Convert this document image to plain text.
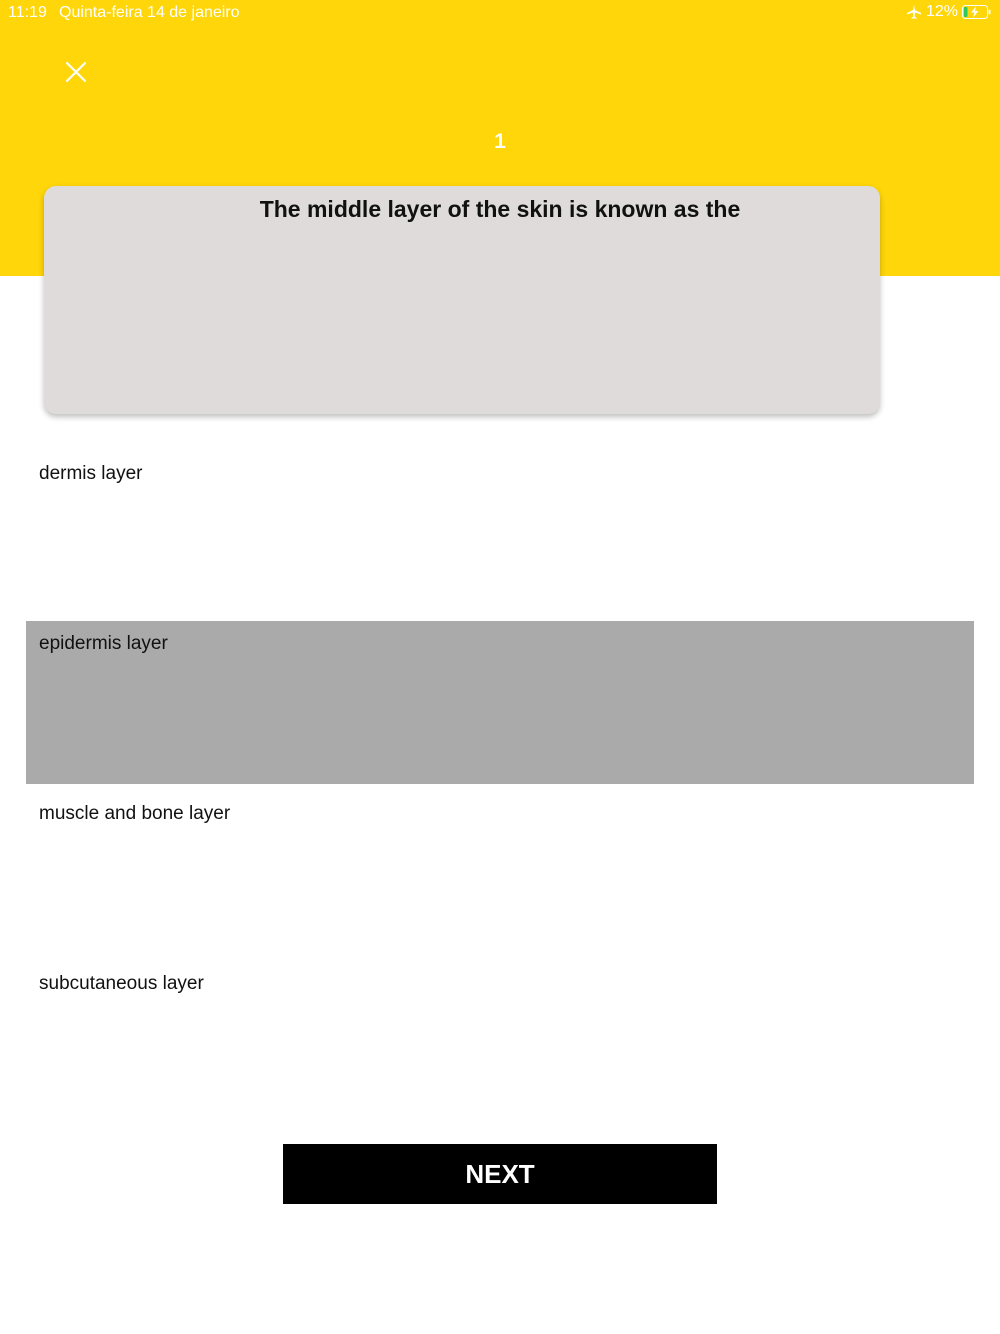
11:19 Quinta-feira 14 de janeiro	12%
1
The middle layer of the skin is known as the
dermis layer
epidermis layer
muscle and bone layer
subcutaneous layer
NEXT
